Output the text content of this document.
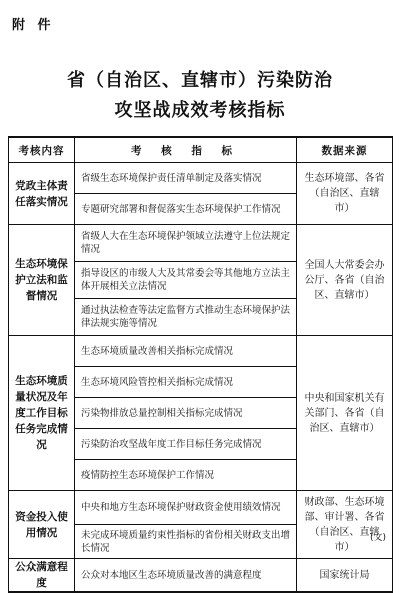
附 件
省（自治区、直辖市）污染防治
攻坚战成效考核指标
考核内容	考 核 指 标	数据来源
党政主体责任落实情况	省级生态环境保护责任清单制定及落实情况	生态环境部、各省（自治区、直辖市）
	专题研究部署和督促落实生态环境保护工作情况	
生态环境保护立法和监督情况	省级人大在生态环境保护领域立法遵守上位法规定情况	全国人大常委会办公厅、各省（自治区、直辖市）
	指导设区的市级人大及其常委会等其他地方立法主体开展相关立法情况	
	通过执法检查等法定监督方式推动生态环境保护法律法规实施等情况	
生态环境质量状况及年度工作目标任务完成情况	生态环境质量改善相关指标完成情况	中央和国家机关有关部门、各省（自治区、直辖市）
	生态环境风险管控相关指标完成情况	
	污染物排放总量控制相关指标完成情况	
	污染防治攻坚战年度工作目标任务完成情况	
	疫情防控生态环境保护工作情况	
资金投入使用情况	中央和地方生态环境保护财政资金使用绩效情况	财政部、生态环境部、审计署、各省（自治区、直辖市）
	未完成环境质量约束性指标的省份相关财政支出增长情况	
公众满意程度	公众对本地区生态环境质量改善的满意程度	国家统计局
(文)
